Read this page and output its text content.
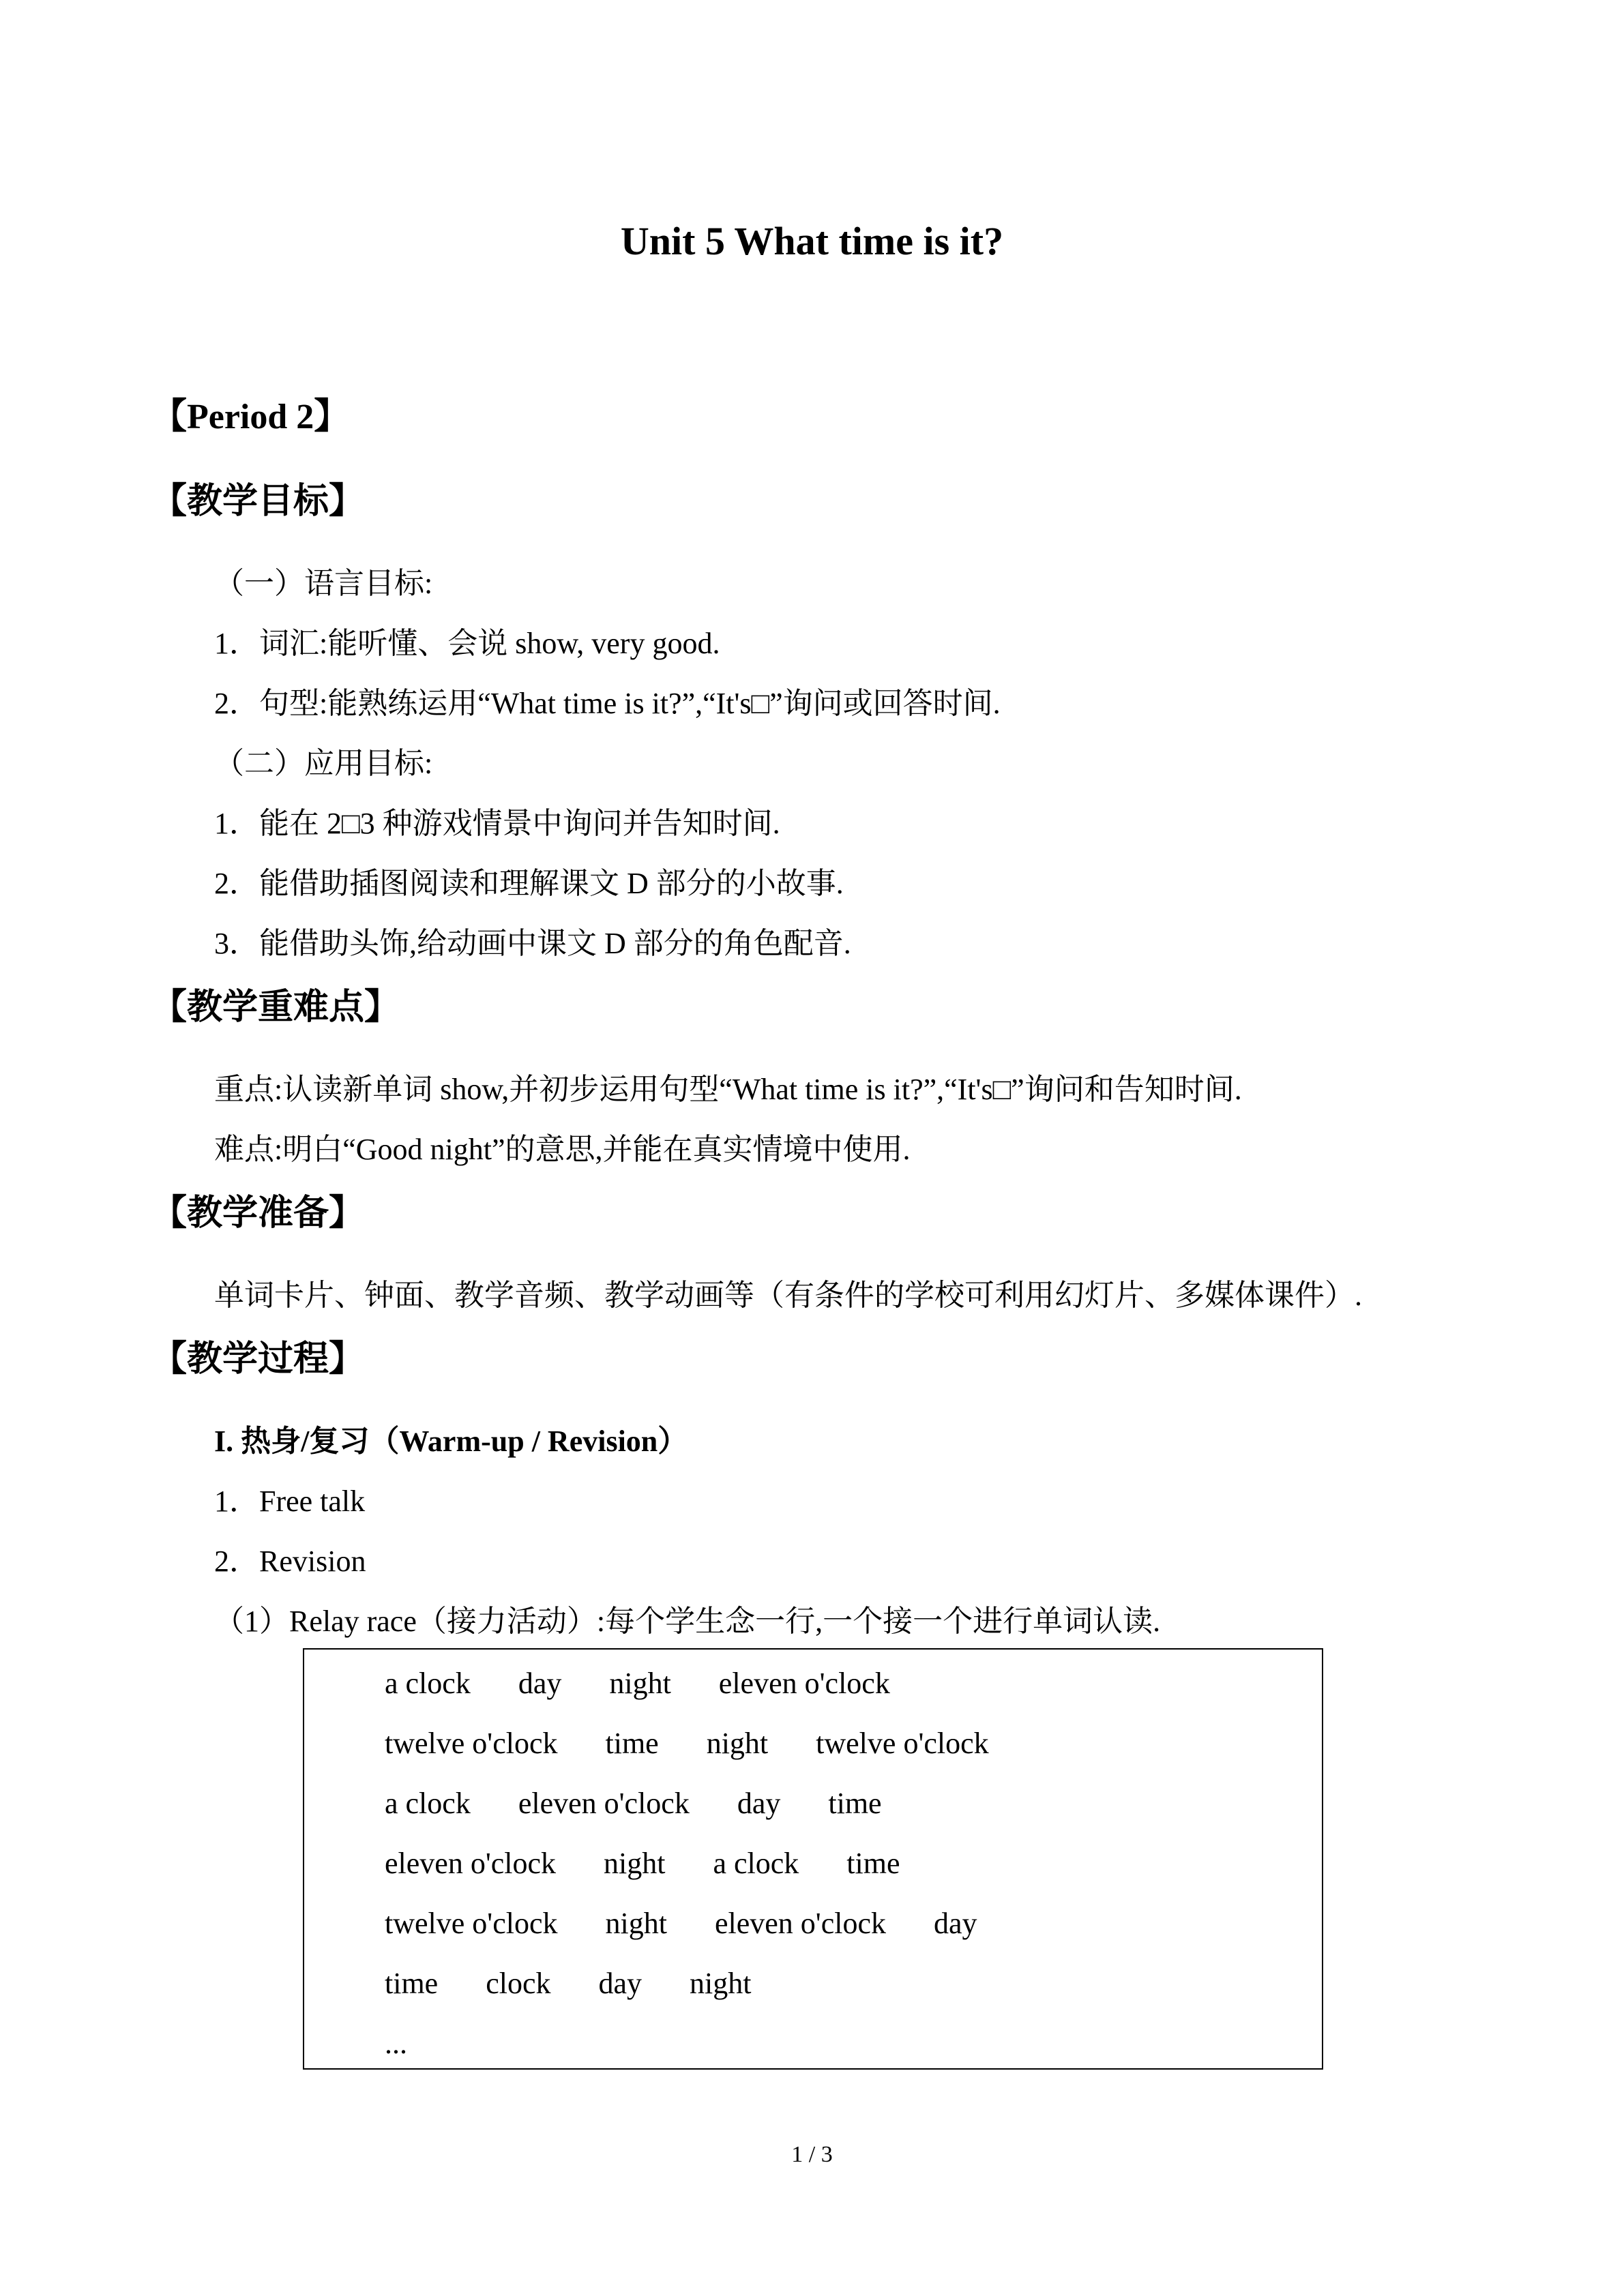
Unit 5 What time is it?
【Period 2】
【教学目标】
（一）语言目标:
1．词汇:能听懂、会说 show, very good.
2．句型:能熟练运用“What time is it?”,“It's□”询问或回答时间.
（二）应用目标:
1．能在 2□3 种游戏情景中询问并告知时间.
2．能借助插图阅读和理解课文 D 部分的小故事.
3．能借助头饰,给动画中课文 D 部分的角色配音.
【教学重难点】
重点:认读新单词 show,并初步运用句型“What time is it?”,“It's□”询问和告知时间.
难点:明白“Good night”的意思,并能在真实情境中使用.
【教学准备】
单词卡片、钟面、教学音频、教学动画等（有条件的学校可利用幻灯片、多媒体课件）.
【教学过程】
I. 热身/复习（Warm-up / Revision）
1．Free talk
2．Revision
（1）Relay race（接力活动）:每个学生念一行,一个接一个进行单词认读.
a clock day night eleven o'clock
twelve o'clock time night twelve o'clock
a clock eleven o'clock day time
eleven o'clock night a clock time
twelve o'clock night eleven o'clock day
time clock day night
...
1 / 3
